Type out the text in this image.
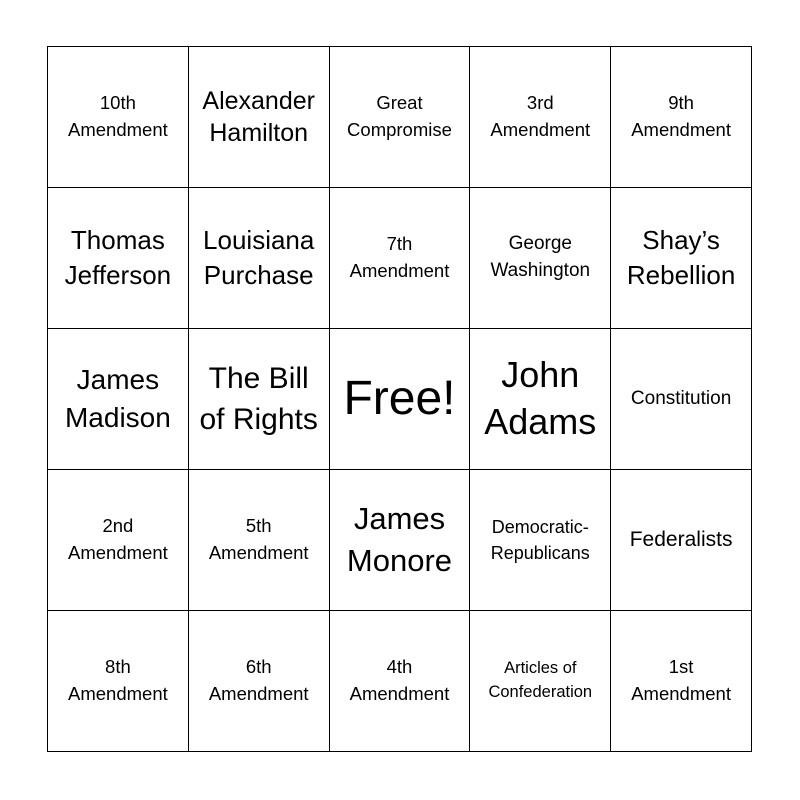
10th Amendment
Alexander Hamilton
Great Compromise
3rd Amendment
9th Amendment
Thomas Jefferson
Louisiana Purchase
7th Amendment
George Washington
Shay’s Rebellion
James Madison
The Bill of Rights Free!	John Adams
Constitution
2nd Amendment
5th Amendment
James Monore
Democratic-
Republicans
Federalists
8th Amendment
6th Amendment
4th Amendment
Articles of Confederation
1st Amendment
